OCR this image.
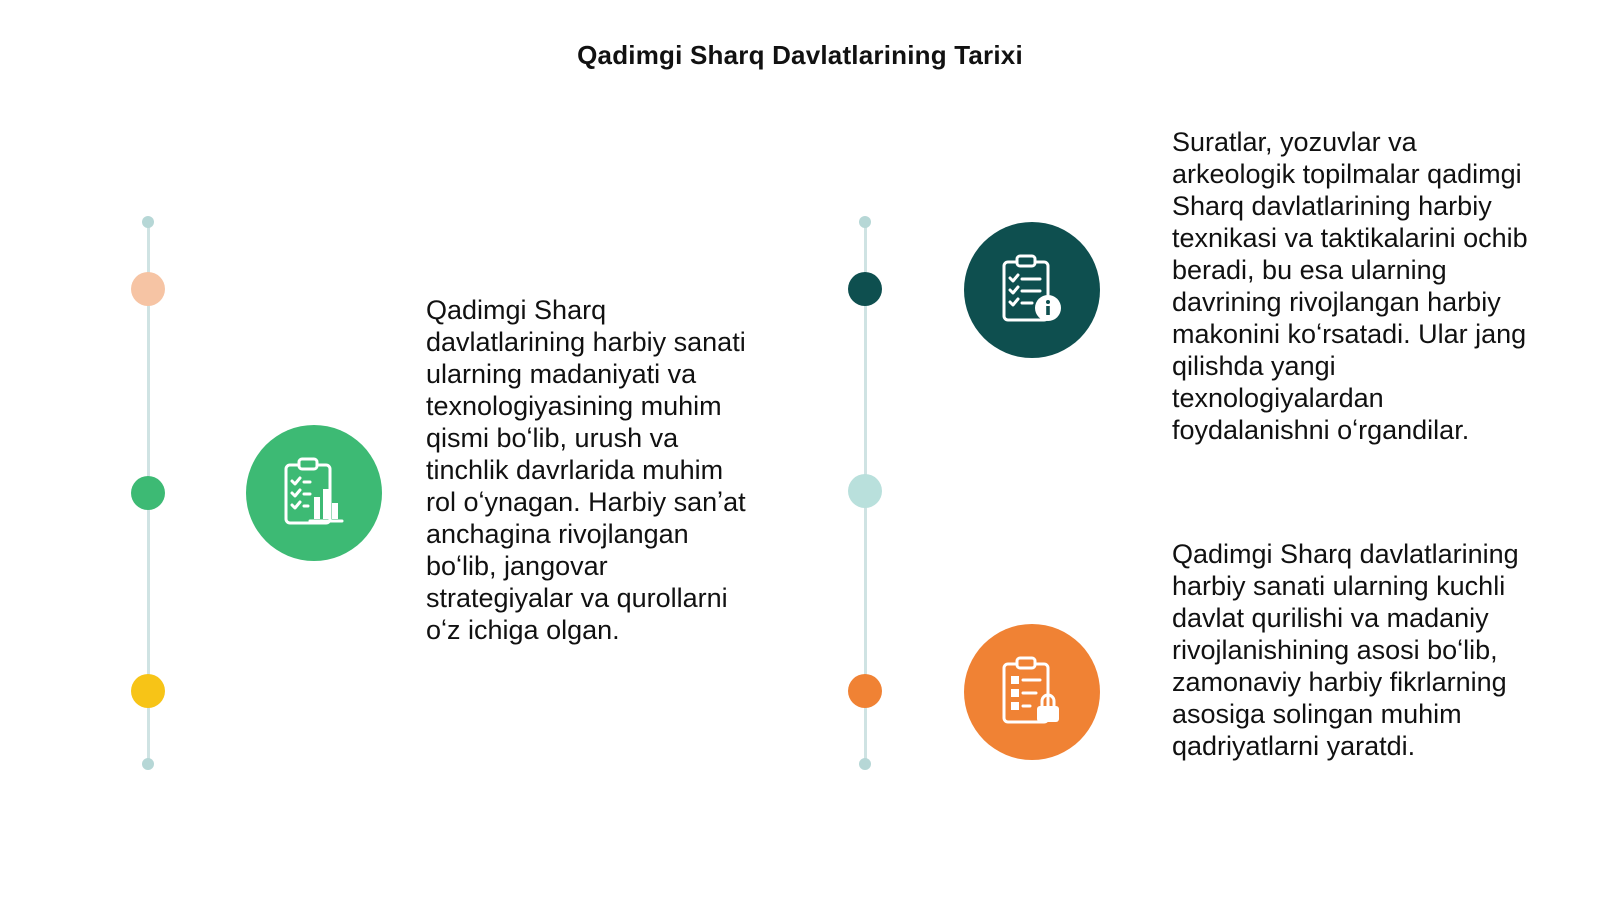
Qadimgi Sharq Davlatlarining Tarixi
Qadimgi Sharq davlatlarining harbiy sanati ularning madaniyati va texnologiyasining muhim qismi boʻlib, urush va tinchlik davrlarida muhim rol oʻynagan. Harbiy sanʼat anchagina rivojlangan boʻlib, jangovar strategiyalar va qurollarni oʻz ichiga olgan.
Suratlar, yozuvlar va arkeologik topilmalar qadimgi Sharq davlatlarining harbiy texnikasi va taktikalarini ochib beradi, bu esa ularning davrining rivojlangan harbiy makonini koʻrsatadi. Ular jang qilishda yangi texnologiyalardan foydalanishni oʻrgandilar.
Qadimgi Sharq davlatlarining harbiy sanati ularning kuchli davlat qurilishi va madaniy rivojlanishining asosi boʻlib, zamonaviy harbiy fikrlarning asosiga solingan muhim qadriyatlarni yaratdi.
